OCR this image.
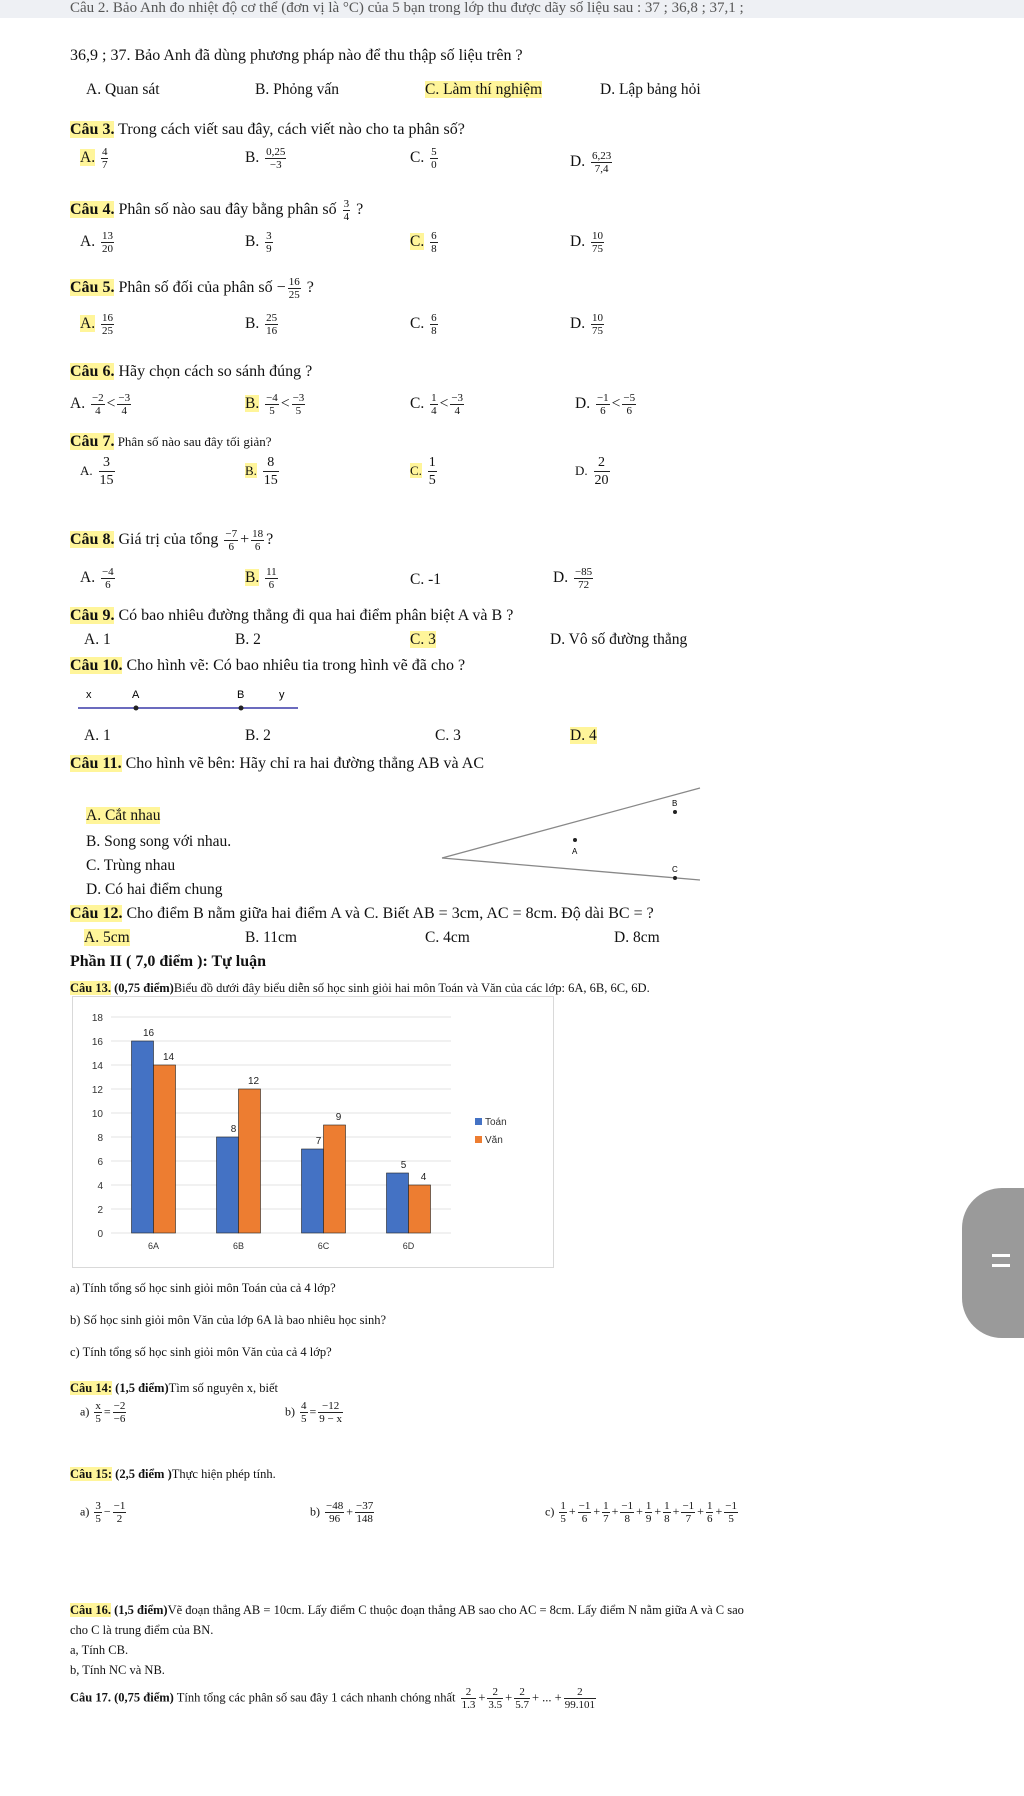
Câu 2. Bảo Anh đo nhiệt độ cơ thể (đơn vị là °C) của 5 bạn trong lớp thu được dãy số liệu sau : 37 ; 36,8 ; 37,1 ;
36,9 ; 37. Bảo Anh đã dùng phương pháp nào để thu thập số liệu trên ?
A. Quan sát	B. Phỏng vấn	C. Làm thí nghiệm	D. Lập bảng hỏi
Câu 3. Trong cách viết sau đây, cách viết nào cho ta phân số?
A. $\frac{4}{7}$	B. $\frac{0,25}{-3}$	C. $\frac{5}{0}$	D. $\frac{6,23}{7,4}$
Câu 4. Phân số nào sau đây bằng phân số $\frac{3}{4}$ ?
A. $\frac{13}{20}$	B. $\frac{3}{9}$	C. $\frac{6}{8}$	D. $\frac{10}{75}$
Câu 5. Phân số đối của phân số − $\frac{16}{25}$ ?
A. $\frac{16}{25}$	B. $\frac{25}{16}$	C. $\frac{6}{8}$	D. $\frac{10}{75}$
Câu 6. Hãy chọn cách so sánh đúng ?
A. $\frac{-2}{4} < \frac{-3}{4}$	B. $\frac{-4}{5} < \frac{-3}{5}$	C. $\frac{1}{4} < \frac{-3}{4}$	D. $\frac{-1}{6} < \frac{-5}{6}$
Câu 7. Phân số nào sau đây tối giản?
A. $\frac{3}{15}$	B. $\frac{8}{15}$	C. $\frac{1}{5}$	D. $\frac{2}{20}$
Câu 8. Giá trị của tổng $\frac{-7}{6} + \frac{18}{6}$ ?
A. $\frac{-4}{6}$	B. $\frac{11}{6}$	C. -1	D. $\frac{-85}{72}$
Câu 9. Có bao nhiêu đường thẳng đi qua hai điểm phân biệt A và B ?
A. 1	B. 2	C. 3	D. Vô số đường thẳng
Câu 10. Cho hình vẽ: Có bao nhiêu tia trong hình vẽ đã cho ?
x	A	B	y
A. 1	B. 2	C. 3	D. 4
Câu 11. Cho hình vẽ bên: Hãy chỉ ra hai đường thẳng AB và AC
A. Cắt nhau
B. Song song với nhau.
C. Trùng nhau
D. Có hai điểm chung
B
A
C
Câu 12. Cho điểm B nằm giữa hai điểm A và C. Biết AB = 3cm, AC = 8cm. Độ dài BC = ?
A. 5cm	B. 11cm	C. 4cm	D. 8cm
Phần II ( 7,0 điểm ): Tự luận
Câu 13. (0,75 điểm)Biểu đồ dưới đây biểu diễn số học sinh giỏi hai môn Toán và Văn của các lớp: 6A, 6B, 6C, 6D.
0
2
4
6
8
10
12
14
16
18
6A
16
14
6B
8
12
6C
7
9
6D
5
4
Toán
Văn
a) Tính tổng số học sinh giỏi môn Toán của cả 4 lớp?
b) Số học sinh giỏi môn Văn của lớp 6A là bao nhiêu học sinh?
c) Tính tổng số học sinh giỏi môn Văn của cả 4 lớp?
Câu 14: (1,5 điểm)Tìm số nguyên x, biết
$a) \frac{x}{5} = \frac{-2}{-6}$	$b) \frac{4}{5} = \frac{-12}{9 - x}$
Câu 15: (2,5 điểm )Thực hiện phép tính.
$a) \frac{3}{5} - \frac{-1}{2}$	$b) \frac{-48}{96} + \frac{-37}{148}$	$c) \frac{1}{5} + \frac{-1}{6} + \frac{1}{7} + \frac{-1}{8} + \frac{1}{9} + \frac{1}{8} + \frac{-1}{7} + \frac{1}{6} + \frac{-1}{5}$
Câu 16. (1,5 điểm)Vẽ đoạn thẳng AB = 10cm. Lấy điểm C thuộc đoạn thẳng AB sao cho AC = 8cm. Lấy điểm N nằm giữa A và C sao
cho C là trung điểm của BN.
a, Tính CB.
b, Tính NC và NB.
Câu 17. (0,75 điểm) Tính tổng các phân số sau đây 1 cách nhanh chóng nhất $\frac{2}{1.3} + \frac{2}{3.5} + \frac{2}{5.7}$ + ... + $\frac{2}{99.101}$
